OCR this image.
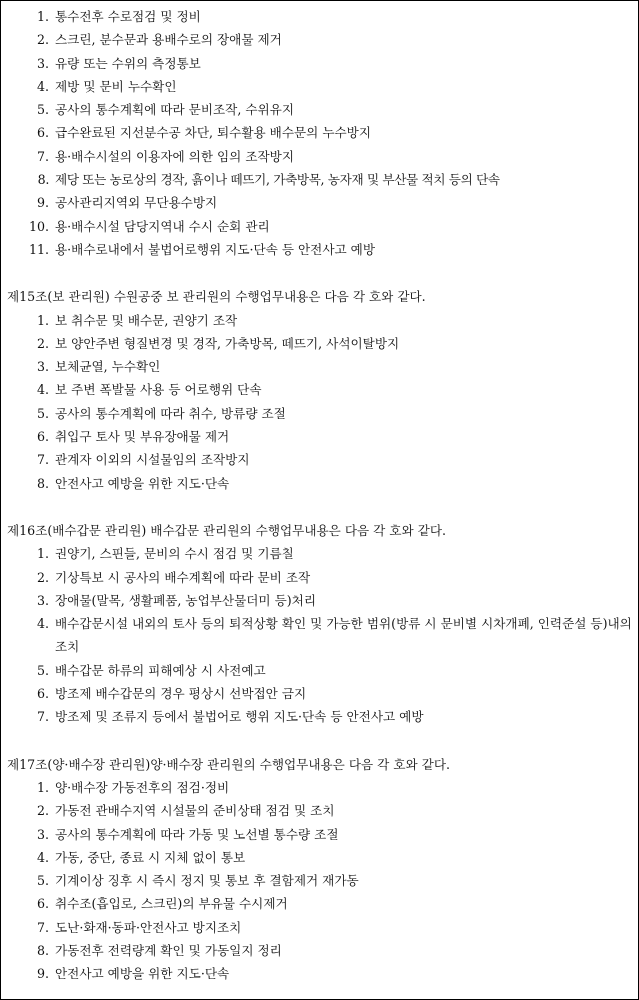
1. 통수전후 수로점검 및 정비
2. 스크린, 분수문과 용배수로의 장애물 제거
3. 유량 또는 수위의 측정통보
4. 제방 및 문비 누수확인
5. 공사의 통수계획에 따라 문비조작, 수위유지
6. 급수완료된 지선분수공 차단, 퇴수활용 배수문의 누수방지
7. 용·배수시설의 이용자에 의한 임의 조작방지
8. 제당 또는 농로상의 경작, 흙이나 떼뜨기, 가축방목, 농자재 및 부산물 적치 등의 단속
9. 공사관리지역외 무단용수방지
10. 용·배수시설 담당지역내 수시 순회 관리
11. 용·배수로내에서 불법어로행위 지도·단속 등 안전사고 예방
제15조(보 관리원) 수원공중 보 관리원의 수행업무내용은 다음 각 호와 같다.
1. 보 취수문 및 배수문, 권양기 조작
2. 보 양안주변 형질변경 및 경작, 가축방목, 떼뜨기, 사석이탈방지
3. 보체균열, 누수확인
4. 보 주변 폭발물 사용 등 어로행위 단속
5. 공사의 통수계획에 따라 취수, 방류량 조절
6. 취입구 토사 및 부유장애물 제거
7. 관계자 이외의 시설물임의 조작방지
8. 안전사고 예방을 위한 지도·단속
제16조(배수갑문 관리원) 배수갑문 관리원의 수행업무내용은 다음 각 호와 같다.
1. 권양기, 스핀들, 문비의 수시 점검 및 기름칠
2. 기상특보 시 공사의 배수계획에 따라 문비 조작
3. 장애물(말목, 생활폐품, 농업부산물더미 등)처리
4. 배수갑문시설 내외의 토사 등의 퇴적상황 확인 및 가능한 범위(방류 시 문비별 시차개폐, 인력준설 등)내의 조치
5. 배수갑문 하류의 피해예상 시 사전예고
6. 방조제 배수갑문의 경우 평상시 선박접안 금지
7. 방조제 및 조류지 등에서 불법어로 행위 지도·단속 등 안전사고 예방
제17조(양·배수장 관리원)양·배수장 관리원의 수행업무내용은 다음 각 호와 같다.
1. 양·배수장 가동전후의 점검·정비
2. 가동전 관배수지역 시설물의 준비상태 점검 및 조치
3. 공사의 통수계획에 따라 가동 및 노선별 통수량 조절
4. 가동, 중단, 종료 시 지체 없이 통보
5. 기계이상 징후 시 즉시 정지 및 통보 후 결함제거 재가동
6. 취수조(흡입로, 스크린)의 부유물 수시제거
7. 도난·화재·동파·안전사고 방지조치
8. 가동전후 전력량계 확인 및 가동일지 정리
9. 안전사고 예방을 위한 지도·단속
